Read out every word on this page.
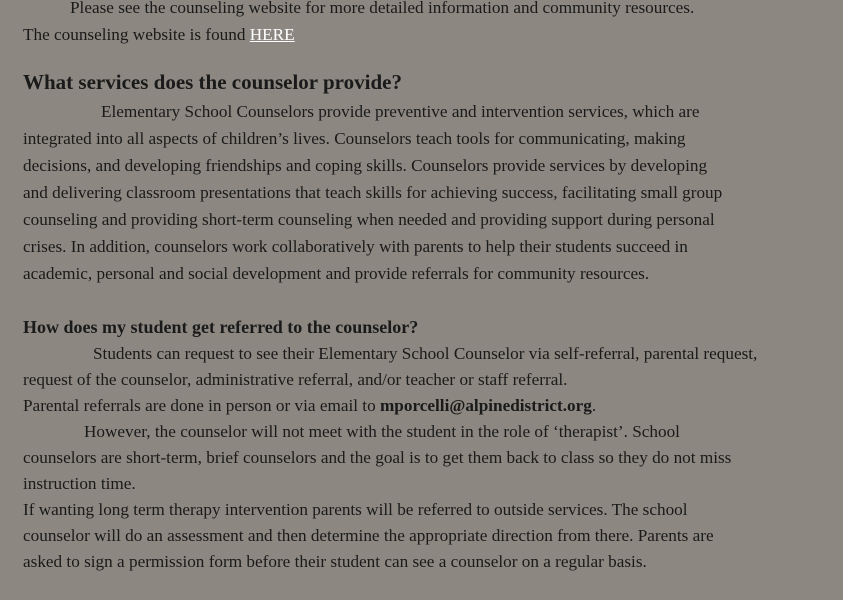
Please see the counseling website for more detailed information and community resources.
The counseling website is found HERE
What services does the counselor provide?
Elementary School Counselors provide preventive and intervention services, which are
integrated into all aspects of children’s lives. Counselors teach tools for communicating, making
decisions, and developing friendships and coping skills. Counselors provide services by developing
and delivering classroom presentations that teach skills for achieving success, facilitating small group
counseling and providing short-term counseling when needed and providing support during personal
crises. In addition, counselors work collaboratively with parents to help their students succeed in
academic, personal and social development and provide referrals for community resources.
How does my student get referred to the counselor?
Students can request to see their Elementary School Counselor via self-referral, parental request,
request of the counselor, administrative referral, and/or teacher or staff referral.
Parental referrals are done in person or via email to mporcelli@alpinedistrict.org.
However, the counselor will not meet with the student in the role of ‘therapist’. School
counselors are short-term, brief counselors and the goal is to get them back to class so they do not miss
instruction time.
If wanting long term therapy intervention parents will be referred to outside services. The school
counselor will do an assessment and then determine the appropriate direction from there. Parents are
asked to sign a permission form before their student can see a counselor on a regular basis.
